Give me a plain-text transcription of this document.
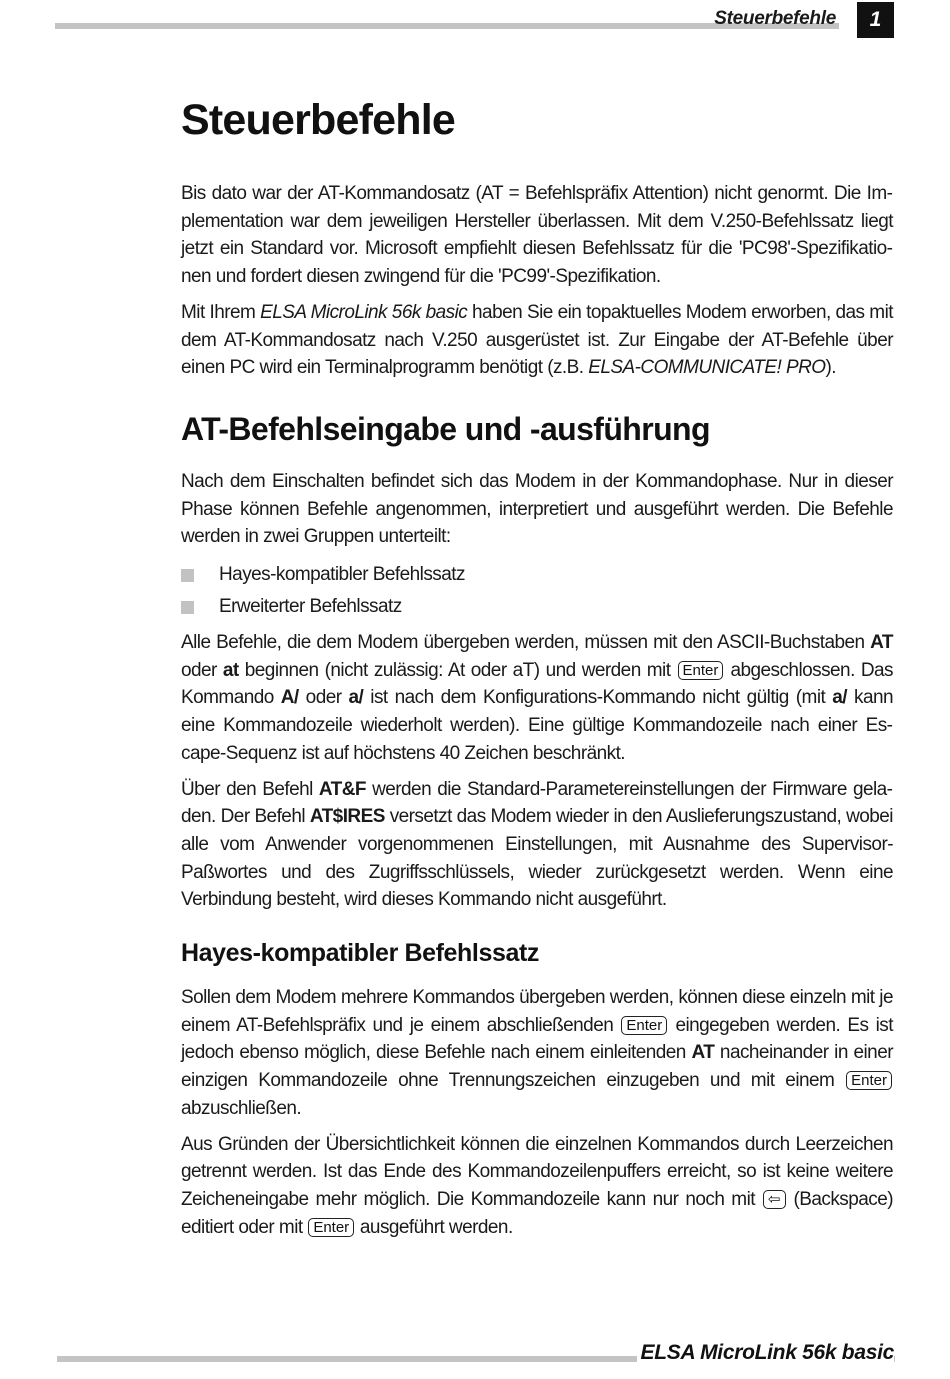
Steuerbefehle	1
Steuerbefehle

Bis dato war der AT-Kommandosatz (AT = Befehlspräfix Attention) nicht genormt. Die Implementation war dem jeweiligen Hersteller überlassen. Mit dem V.250-Befehlssatz liegt jetzt ein Standard vor. Microsoft empfiehlt diesen Befehlssatz für die 'PC98'-Spezifikationen und fordert diesen zwingend für die 'PC99'-Spezifikation.

Mit Ihrem ELSA MicroLink 56k basic haben Sie ein topaktuelles Modem erworben, das mit dem AT-Kommandosatz nach V.250 ausgerüstet ist. Zur Eingabe der AT-Befehle über einen PC wird ein Terminalprogramm benötigt (z.B. ELSA-COMMUNICATE! PRO).

AT-Befehlseingabe und -ausführung

Nach dem Einschalten befindet sich das Modem in der Kommandophase. Nur in dieser Phase können Befehle angenommen, interpretiert und ausgeführt werden. Die Befehle werden in zwei Gruppen unterteilt:

Hayes-kompatibler Befehlssatz
Erweiterter Befehlssatz

Alle Befehle, die dem Modem übergeben werden, müssen mit den ASCII-Buchstaben AT oder at beginnen (nicht zulässig: At oder aT) und werden mit Enter abgeschlossen. Das Kommando A/ oder a/ ist nach dem Konfigurations-Kommando nicht gültig (mit a/ kann eine Kommandozeile wiederholt werden). Eine gültige Kommandozeile nach einer Escape-Sequenz ist auf höchstens 40 Zeichen beschränkt.

Über den Befehl AT&F werden die Standard-Parametereinstellungen der Firmware geladen. Der Befehl AT$IRES versetzt das Modem wieder in den Auslieferungszustand, wobei alle vom Anwender vorgenommenen Einstellungen, mit Ausnahme des Supervisor-Paßwortes und des Zugriffsschlüssels, wieder zurückgesetzt werden. Wenn eine Verbindung besteht, wird dieses Kommando nicht ausgeführt.

Hayes-kompatibler Befehlssatz

Sollen dem Modem mehrere Kommandos übergeben werden, können diese einzeln mit je einem AT-Befehlspräfix und je einem abschließenden Enter eingegeben werden. Es ist jedoch ebenso möglich, diese Befehle nach einem einleitenden AT nacheinander in einer einzigen Kommandozeile ohne Trennungszeichen einzugeben und mit einem Enter abzuschließen.

Aus Gründen der Übersichtlichkeit können die einzelnen Kommandos durch Leerzeichen getrennt werden. Ist das Ende des Kommandozeilenpuffers erreicht, so ist keine weitere Zeicheneingabe mehr möglich. Die Kommandozeile kann nur noch mit ⇦ (Backspace) editiert oder mit Enter ausgeführt werden.

ELSA MicroLink 56k basic
